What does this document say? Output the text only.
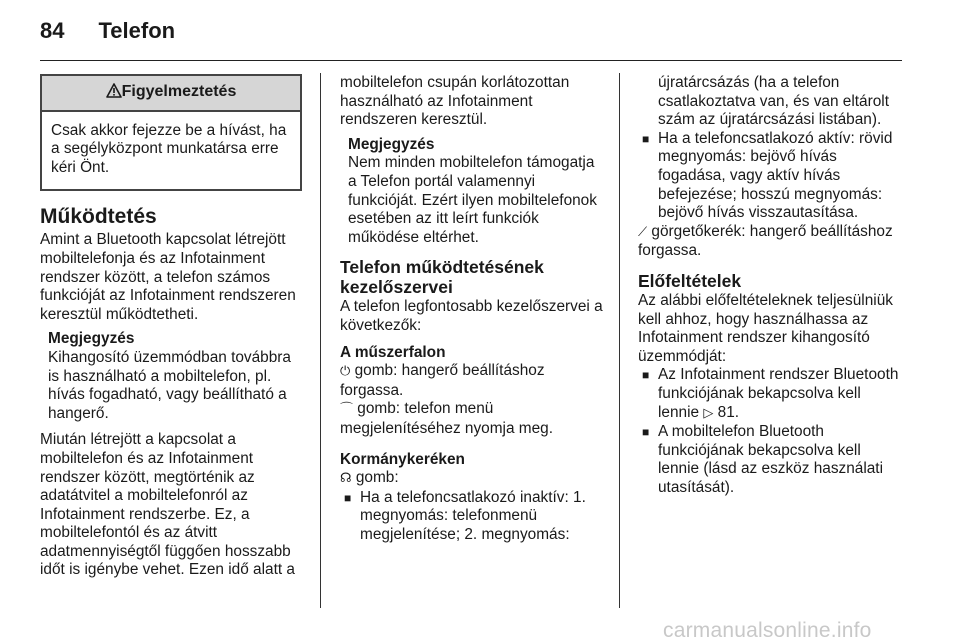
84 Telefon
Figyelmeztetés
Csak akkor fejezze be a hívást, ha a segélyközpont munkatársa erre kéri Önt.
Működtetés

Amint a Bluetooth kapcsolat létrejött mobiltelefonja és az Infotainment rendszer között, a telefon számos funkcióját az Infotainment rendszeren keresztül működtetheti.

Megjegyzés
Kihangosító üzemmódban továbbra is használható a mobiltelefon, pl. hívás fogadható, vagy beállítható a hangerő.

Miután létrejött a kapcsolat a mobiltelefon és az Infotainment rendszer között, megtörténik az adatátvitel a mobiltelefonról az Infotainment rendszerbe. Ez, a mobiltelefontól és az átvitt adatmennyiségtől függően hosszabb időt is igénybe vehet. Ezen idő alatt a

mobiltelefon csupán korlátozottan használható az Infotainment rendszeren keresztül.

Megjegyzés
Nem minden mobiltelefon támogatja a Telefon portál valamennyi funkcióját. Ezért ilyen mobiltelefonok esetében az itt leírt funkciók működése eltérhet.
Telefon működtetésének kezelőszervei

A telefon legfontosabb kezelőszervei a következők:

A műszerfalon

⏻ gomb: hangerő beállításhoz forgassa.

⌒ gomb: telefon menü megjelenítéséhez nyomja meg.

Kormánykeréken

☊ gomb:

■ Ha a telefoncsatlakozó inaktív: 1. megnyomás: telefonmenü megjelenítése; 2. megnyomás:

újratárcsázás (ha a telefon csatlakoztatva van, és van eltárolt szám az újratárcsázási listában).

■ Ha a telefoncsatlakozó aktív: rövid megnyomás: bejövő hívás fogadása, vagy aktív hívás befejezése; hosszú megnyomás: bejövő hívás visszautasítása.

⟋ görgetőkerék: hangerő beállításhoz forgassa.

Előfeltételek

Az alábbi előfeltételeknek teljesülniük kell ahhoz, hogy használhassa az Infotainment rendszer kihangosító üzemmódját:

■ Az Infotainment rendszer Bluetooth funkciójának bekapcsolva kell lennie ▷ 81.

■ A mobiltelefon Bluetooth funkciójának bekapcsolva kell lennie (lásd az eszköz használati utasítását).

carmanualsonline.info
